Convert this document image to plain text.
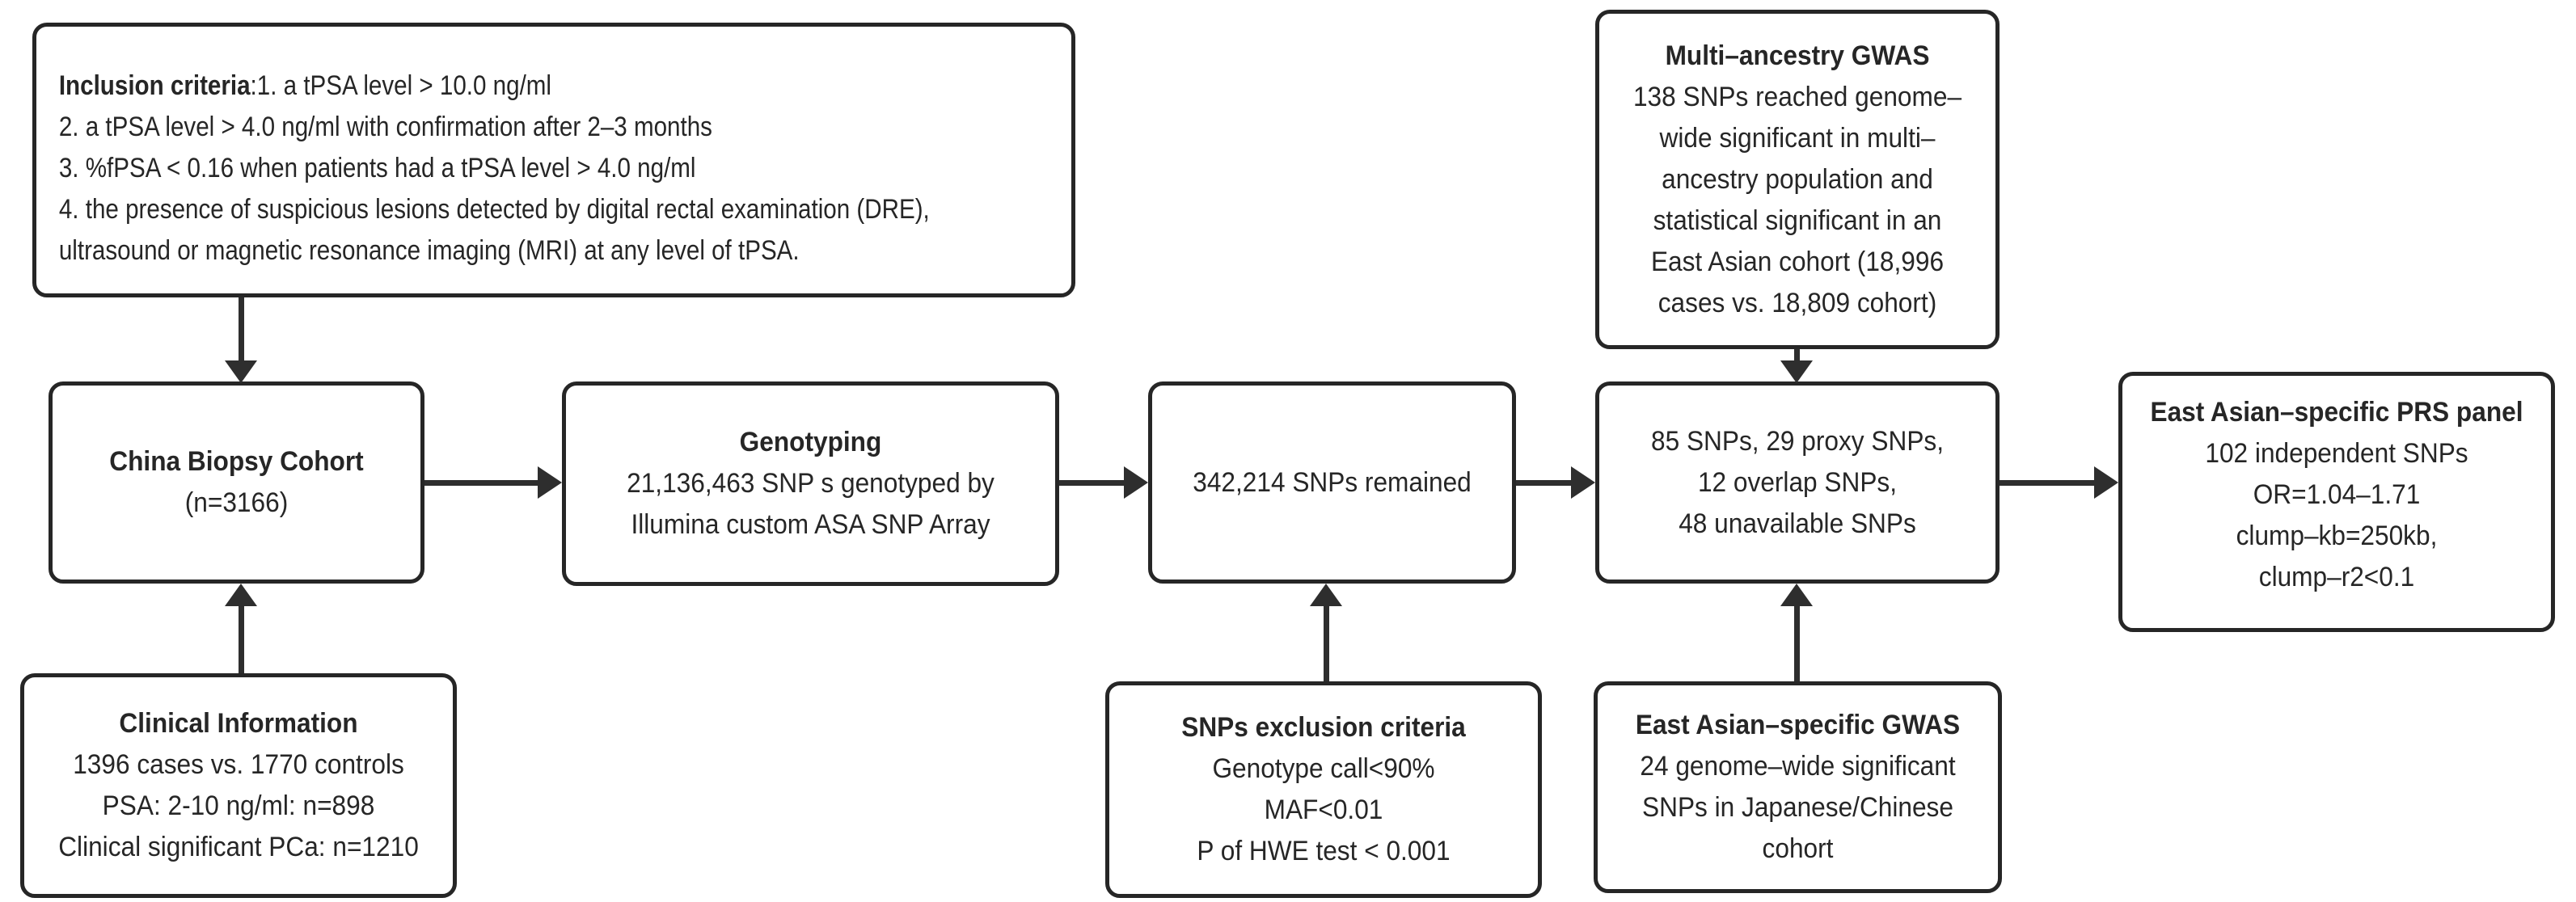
Inclusion criteria:1. a tPSA level > 10.0 ng/ml

2. a tPSA level > 4.0 ng/ml with confirmation after 2–3 months

3. %fPSA < 0.16 when patients had a tPSA level > 4.0 ng/ml

4. the presence of suspicious lesions detected by digital rectal examination (DRE),

ultrasound or magnetic resonance imaging (MRI) at any level of tPSA.

China Biopsy Cohort

(n=3166)

Genotyping

21,136,463 SNP s genotyped by

Illumina custom ASA SNP Array

342,214 SNPs remained

85 SNPs, 29 proxy SNPs,

12 overlap SNPs,

48 unavailable SNPs

East Asian–specific PRS panel

102 independent SNPs

OR=1.04–1.71

clump–kb=250kb,

clump–r2<0.1

Multi–ancestry GWAS

138 SNPs reached genome–

wide significant in multi–

ancestry population and

statistical significant in an

East Asian cohort (18,996

cases vs. 18,809 cohort)

Clinical Information

1396 cases vs. 1770 controls

PSA: 2-10 ng/ml: n=898

Clinical significant PCa: n=1210

SNPs exclusion criteria

Genotype call<90%

MAF<0.01

P of HWE test < 0.001

East Asian–specific GWAS

24 genome–wide significant

SNPs in Japanese/Chinese

cohort
